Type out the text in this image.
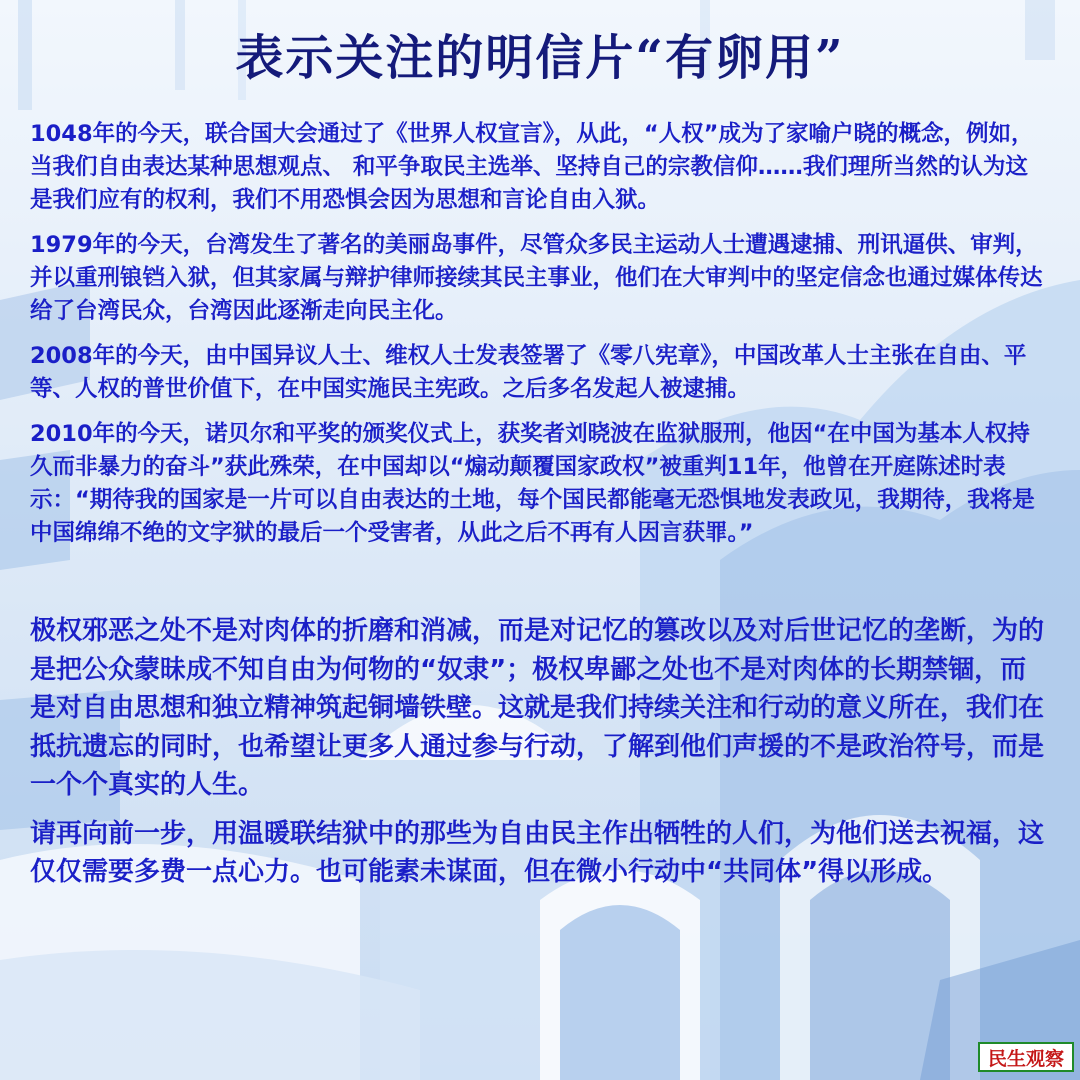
表示关注的明信片“有卵用”

1048年的今天，联合国大会通过了《世界人权宣言》，从此，“人权”成为了家喻户晓的概念，例如，当我们自由表达某种思想观点、 和平争取民主选举、坚持自己的宗教信仰……我们理所当然的认为这是我们应有的权利，我们不用恐惧会因为思想和言论自由入狱。

1979年的今天，台湾发生了著名的美丽岛事件，尽管众多民主运动人士遭遇逮捕、刑讯逼供、审判，并以重刑锒铛入狱，但其家属与辩护律师接续其民主事业，他们在大审判中的坚定信念也通过媒体传达给了台湾民众，台湾因此逐渐走向民主化。

2008年的今天，由中国异议人士、维权人士发表签署了《零八宪章》，中国改革人士主张在自由、平等、人权的普世价值下，在中国实施民主宪政。之后多名发起人被逮捕。

2010年的今天，诺贝尔和平奖的颁奖仪式上，获奖者刘晓波在监狱服刑，他因“在中国为基本人权持久而非暴力的奋斗”获此殊荣，在中国却以“煽动颠覆国家政权”被重判11年，他曾在开庭陈述时表示：“期待我的国家是一片可以自由表达的土地，每个国民都能毫无恐惧地发表政见，我期待，我将是中国绵绵不绝的文字狱的最后一个受害者，从此之后不再有人因言获罪。”

极权邪恶之处不是对肉体的折磨和消减，而是对记忆的篡改以及对后世记忆的垄断，为的是把公众蒙昧成不知自由为何物的“奴隶”；极权卑鄙之处也不是对肉体的长期禁锢，而是对自由思想和独立精神筑起铜墙铁壁。这就是我们持续关注和行动的意义所在，我们在抵抗遗忘的同时，也希望让更多人通过参与行动，了解到他们声援的不是政治符号，而是一个个真实的人生。

请再向前一步，用温暖联结狱中的那些为自由民主作出牺牲的人们，为他们送去祝福，这仅仅需要多费一点心力。也可能素未谋面，但在微小行动中“共同体”得以形成。

民生观察
